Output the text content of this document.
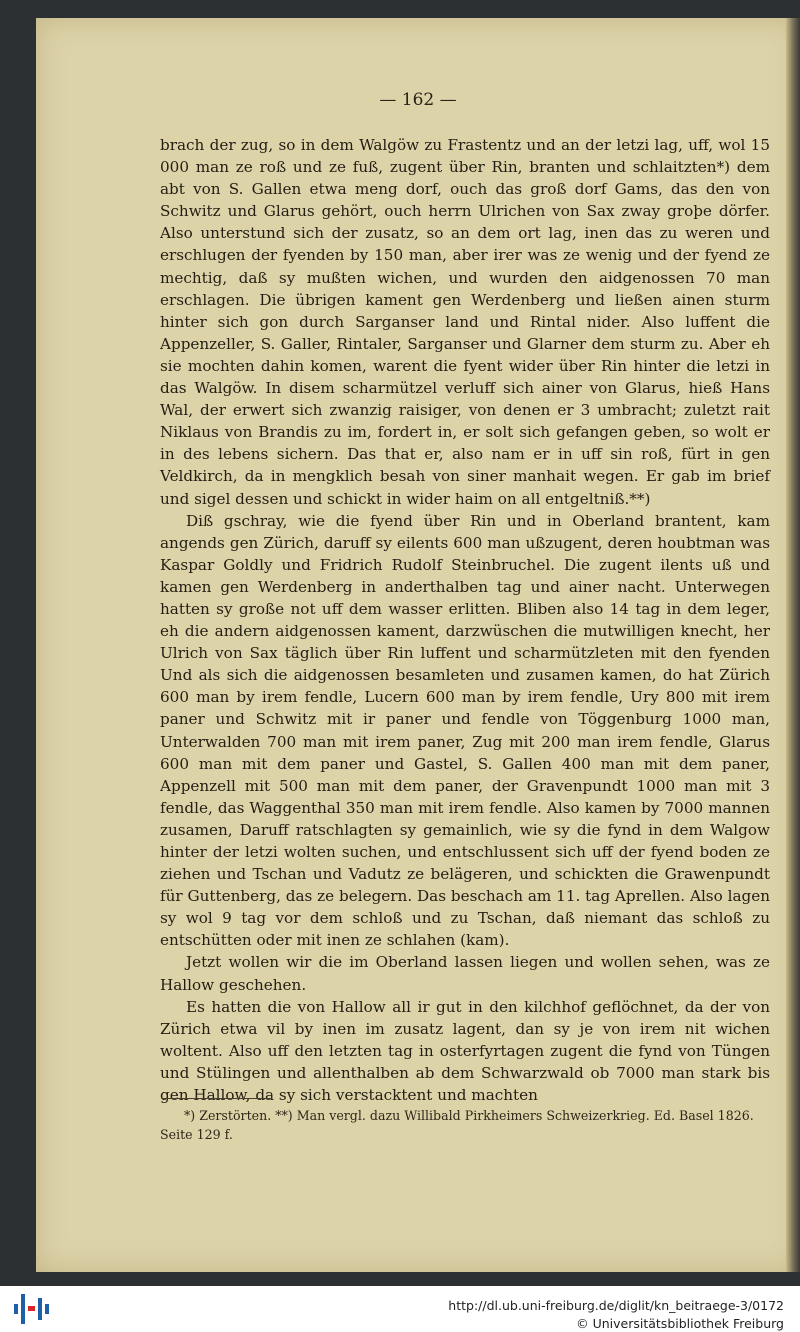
— 162 —

brach der zug, so in dem Walgöw zu Frastentz und an der letzi lag, uff, wol 15 000 man ze roß und ze fuß, zugent über Rin, branten und schlaitzten*) dem abt von S. Gallen etwa meng dorf, ouch das groß dorf Gams, das den von Schwitz und Glarus gehört, ouch herrn Ulrichen von Sax zway groþe dörfer. Also unterstund sich der zusatz, so an dem ort lag, inen das zu weren und erschlugen der fyenden by 150 man, aber irer was ze wenig und der fyend ze mechtig, daß sy mußten wichen, und wurden den aidgenossen 70 man erschlagen. Die übrigen kament gen Werdenberg und ließen ainen sturm hinter sich gon durch Sarganser land und Rintal nider. Also luffent die Appenzeller, S. Galler, Rintaler, Sarganser und Glarner dem sturm zu. Aber eh sie mochten dahin komen, warent die fyent wider über Rin hinter die letzi in das Walgöw. In disem scharmützel verluff sich ainer von Glarus, hieß Hans Wal, der erwert sich zwanzig raisiger, von denen er 3 umbracht; zuletzt rait Niklaus von Brandis zu im, fordert in, er solt sich gefangen geben, so wolt er in des lebens sichern. Das that er, also nam er in uff sin roß, fürt in gen Veldkirch, da in mengklich besah von siner manhait wegen. Er gab im brief und sigel dessen und schickt in wider haim on all entgeltniß.**)

Diß gschray, wie die fyend über Rin und in Oberland brantent, kam angends gen Zürich, daruff sy eilents 600 man ußzugent, deren houbtman was Kaspar Goldly und Fridrich Rudolf Steinbruchel. Die zugent ilents uß und kamen gen Werdenberg in anderthalben tag und ainer nacht. Unterwegen hatten sy große not uff dem wasser erlitten. Bliben also 14 tag in dem leger, eh die andern aidgenossen kament, darzwüschen die mutwilligen knecht, her Ulrich von Sax täglich über Rin luffent und scharmützleten mit den fyenden Und als sich die aidgenossen besamleten und zusamen kamen, do hat Zürich 600 man by irem fendle, Lucern 600 man by irem fendle, Ury 800 mit irem paner und Schwitz mit ir paner und fendle von Töggenburg 1000 man, Unterwalden 700 man mit irem paner, Zug mit 200 man irem fendle, Glarus 600 man mit dem paner und Gastel, S. Gallen 400 man mit dem paner, Appenzell mit 500 man mit dem paner, der Gravenpundt 1000 man mit 3 fendle, das Waggenthal 350 man mit irem fendle. Also kamen by 7000 mannen zusamen, Daruff ratschlagten sy gemainlich, wie sy die fynd in dem Walgow hinter der letzi wolten suchen, und entschlussent sich uff der fyend boden ze ziehen und Tschan und Vadutz ze belägeren, und schickten die Grawenpundt für Guttenberg, das ze belegern. Das beschach am 11. tag Aprellen. Also lagen sy wol 9 tag vor dem schloß und zu Tschan, daß niemant das schloß zu entschütten oder mit inen ze schlahen (kam).

Jetzt wollen wir die im Oberland lassen liegen und wollen sehen, was ze Hallow geschehen.

Es hatten die von Hallow all ir gut in den kilchhof geflöchnet, da der von Zürich etwa vil by inen im zusatz lagent, dan sy je von irem nit wichen woltent. Also uff den letzten tag in osterfyrtagen zugent die fynd von Tüngen und Stülingen und allenthalben ab dem Schwarzwald ob 7000 man stark bis gen Hallow, da sy sich verstacktent und machten

*) Zerstörten. **) Man vergl. dazu Willibald Pirkheimers Schweizerkrieg. Ed. Basel 1826. Seite 129 f.
http://dl.ub.uni-freiburg.de/diglit/kn_beitraege-3/0172
© Universitätsbibliothek Freiburg
